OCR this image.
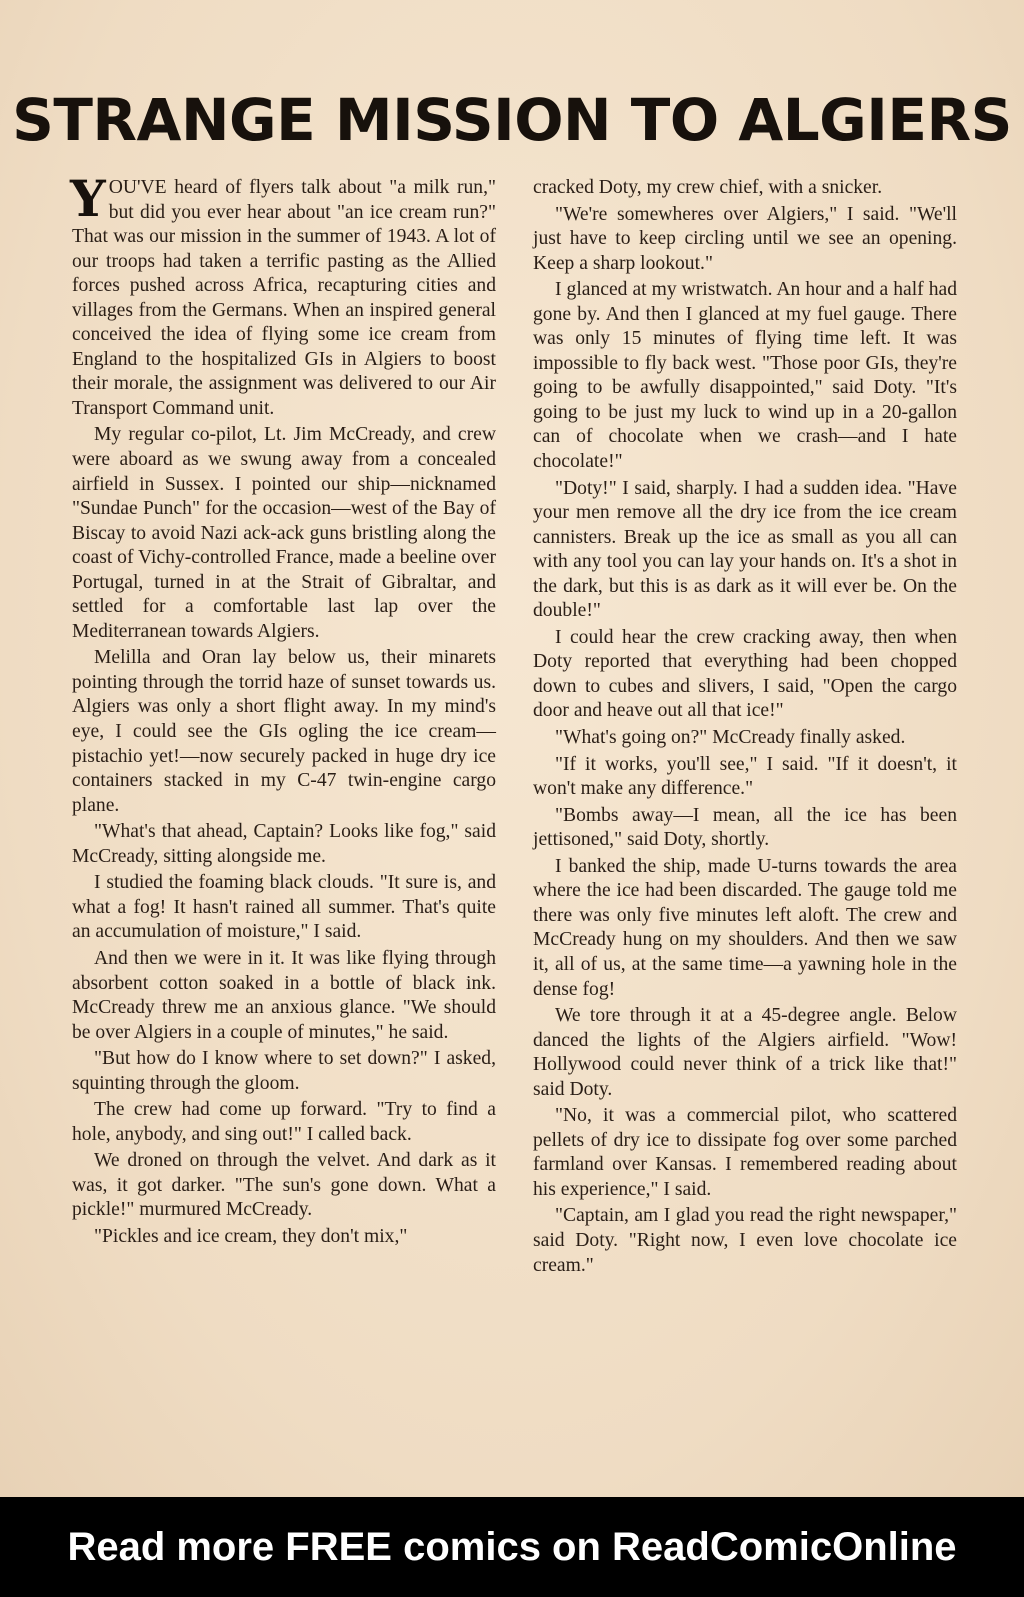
STRANGE MISSION TO ALGIERS

YOU'VE heard of flyers talk about "a milk run," but did you ever hear about "an ice cream run?" That was our mission in the summer of 1943. A lot of our troops had taken a terrific pasting as the Allied forces pushed across Africa, recapturing cities and villages from the Germans. When an inspired general conceived the idea of flying some ice cream from England to the hospitalized GIs in Algiers to boost their morale, the assignment was delivered to our Air Transport Command unit.

My regular co-pilot, Lt. Jim McCready, and crew were aboard as we swung away from a concealed airfield in Sussex. I pointed our ship—nicknamed "Sundae Punch" for the occasion—west of the Bay of Biscay to avoid Nazi ack-ack guns bristling along the coast of Vichy-controlled France, made a beeline over Portugal, turned in at the Strait of Gibraltar, and settled for a comfortable last lap over the Mediterranean towards Algiers.

Melilla and Oran lay below us, their minarets pointing through the torrid haze of sunset towards us. Algiers was only a short flight away. In my mind's eye, I could see the GIs ogling the ice cream—pistachio yet!—now securely packed in huge dry ice containers stacked in my C-47 twin-engine cargo plane.

"What's that ahead, Captain? Looks like fog," said McCready, sitting alongside me.

I studied the foaming black clouds. "It sure is, and what a fog! It hasn't rained all summer. That's quite an accumulation of moisture," I said.

And then we were in it. It was like flying through absorbent cotton soaked in a bottle of black ink. McCready threw me an anxious glance. "We should be over Algiers in a couple of minutes," he said.

"But how do I know where to set down?" I asked, squinting through the gloom.

The crew had come up forward. "Try to find a hole, anybody, and sing out!" I called back.

We droned on through the velvet. And dark as it was, it got darker. "The sun's gone down. What a pickle!" murmured McCready.

"Pickles and ice cream, they don't mix,"

cracked Doty, my crew chief, with a snicker.

"We're somewheres over Algiers," I said. "We'll just have to keep circling until we see an opening. Keep a sharp lookout."

I glanced at my wristwatch. An hour and a half had gone by. And then I glanced at my fuel gauge. There was only 15 minutes of flying time left. It was impossible to fly back west. "Those poor GIs, they're going to be awfully disappointed," said Doty. "It's going to be just my luck to wind up in a 20-gallon can of chocolate when we crash—and I hate chocolate!"

"Doty!" I said, sharply. I had a sudden idea. "Have your men remove all the dry ice from the ice cream cannisters. Break up the ice as small as you all can with any tool you can lay your hands on. It's a shot in the dark, but this is as dark as it will ever be. On the double!"

I could hear the crew cracking away, then when Doty reported that everything had been chopped down to cubes and slivers, I said, "Open the cargo door and heave out all that ice!"

"What's going on?" McCready finally asked.

"If it works, you'll see," I said. "If it doesn't, it won't make any difference."

"Bombs away—I mean, all the ice has been jettisoned," said Doty, shortly.

I banked the ship, made U-turns towards the area where the ice had been discarded. The gauge told me there was only five minutes left aloft. The crew and McCready hung on my shoulders. And then we saw it, all of us, at the same time—a yawning hole in the dense fog!

We tore through it at a 45-degree angle. Below danced the lights of the Algiers airfield. "Wow! Hollywood could never think of a trick like that!" said Doty.

"No, it was a commercial pilot, who scattered pellets of dry ice to dissipate fog over some parched farmland over Kansas. I remembered reading about his experience," I said.

"Captain, am I glad you read the right newspaper," said Doty. "Right now, I even love chocolate ice cream."

Read more FREE comics on ReadComicOnline
